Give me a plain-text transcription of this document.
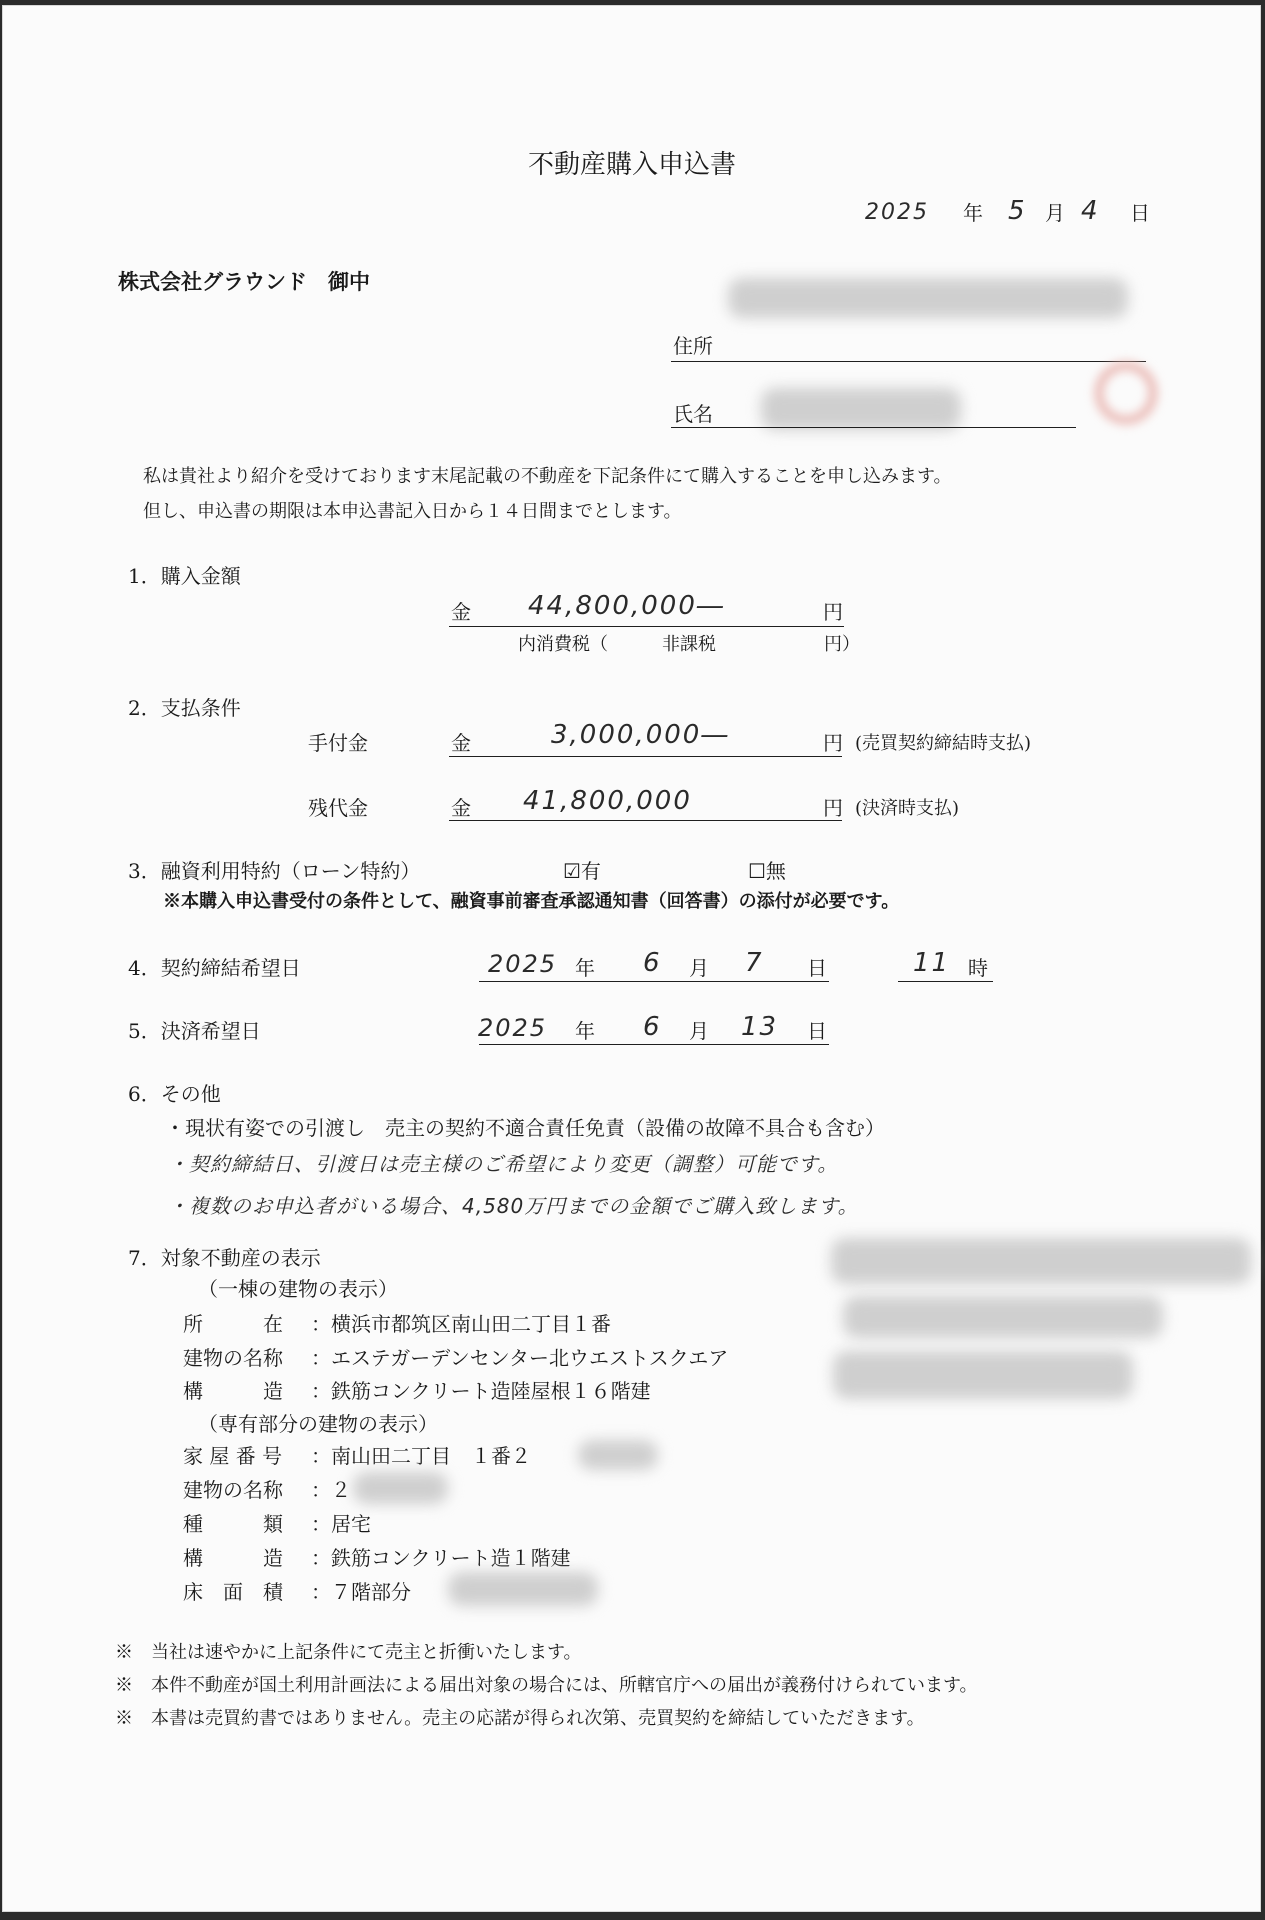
不動産購入申込書
2025 年 5 月 4 日
株式会社グラウンド　御中
住所
氏名
私は貴社より紹介を受けております末尾記載の不動産を下記条件にて購入することを申し込みます。
但し、申込書の期限は本申込書記入日から１４日間までとします。
1．購入金額
金 44,800,000―	円
内消費税（　　　非課税　　　　　　円）
2．支払条件
手付金	金	3,000,000―	円 (売買契約締結時支払)
残代金	金 41,800,000	円 (決済時支払)
3．融資利用特約（ローン特約）	☑有	☐無
※本購入申込書受付の条件として、融資事前審査承認通知書（回答書）の添付が必要です。
4．契約締結希望日	2025 年 6 月 7 日	11 時
5．決済希望日	2025 年 6 月 13 日
6．その他
・現状有姿での引渡し　売主の契約不適合責任免責（設備の故障不具合も含む）
・契約締結日、引渡日は売主様のご希望により変更（調整）可能です。
・複数のお申込者がいる場合、4,580万円までの金額でご購入致します。
7．対象不動産の表示
（一棟の建物の表示）
所　　　在 ：横浜市都筑区南山田二丁目１番
建物の名称 ：エステガーデンセンター北ウエストスクエア
構　　　造 ：鉄筋コンクリート造陸屋根１６階建
（専有部分の建物の表示）
家 屋 番 号 ：南山田二丁目　１番２
建物の名称 ：２
種　　　類 ：居宅
構　　　造 ：鉄筋コンクリート造１階建
床　面　積 ：７階部分
※　当社は速やかに上記条件にて売主と折衝いたします。
※　本件不動産が国土利用計画法による届出対象の場合には、所轄官庁への届出が義務付けられています。
※　本書は売買約書ではありません。売主の応諾が得られ次第、売買契約を締結していただきます。
